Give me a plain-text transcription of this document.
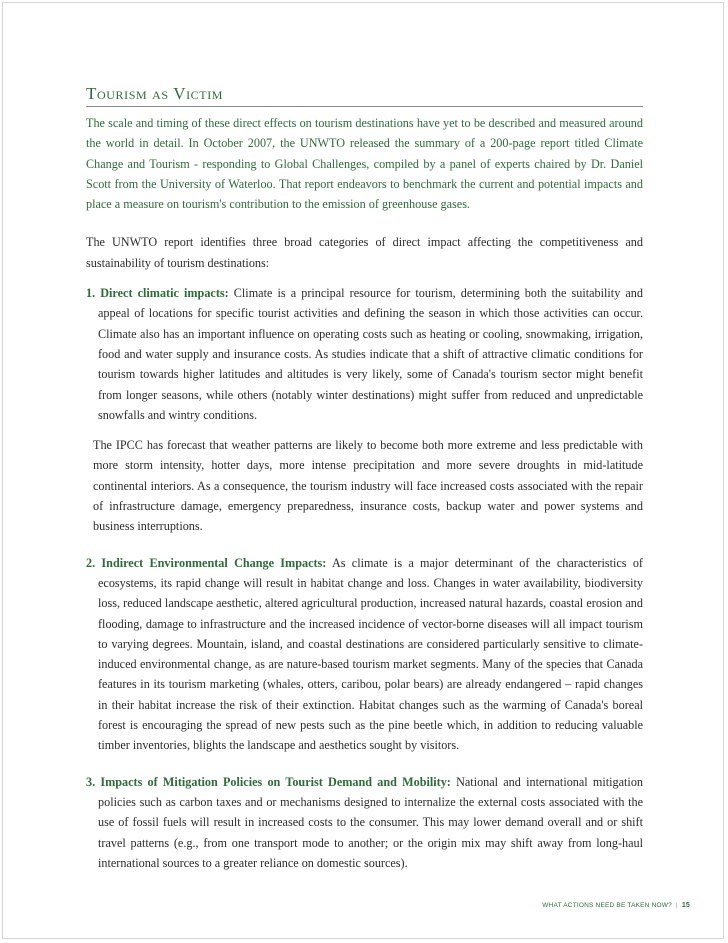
Tourism as Victim

The scale and timing of these direct effects on tourism destinations have yet to be described and measured around the world in detail. In October 2007, the UNWTO released the summary of a 200-page report titled Climate Change and Tourism - responding to Global Challenges, compiled by a panel of experts chaired by Dr. Daniel Scott from the University of Waterloo. That report endeavors to benchmark the current and potential impacts and place a measure on tourism's contribution to the emission of greenhouse gases.

The UNWTO report identifies three broad categories of direct impact affecting the competitiveness and sustainability of tourism destinations:

1. Direct climatic impacts: Climate is a principal resource for tourism, determining both the suitability and appeal of locations for specific tourist activities and defining the season in which those activities can occur. Climate also has an important influence on operating costs such as heating or cooling, snowmaking, irrigation, food and water supply and insurance costs. As studies indicate that a shift of attractive climatic conditions for tourism towards higher latitudes and altitudes is very likely, some of Canada's tourism sector might benefit from longer seasons, while others (notably winter destinations) might suffer from reduced and unpredictable snowfalls and wintry conditions.

The IPCC has forecast that weather patterns are likely to become both more extreme and less predictable with more storm intensity, hotter days, more intense precipitation and more severe droughts in mid-latitude continental interiors. As a consequence, the tourism industry will face increased costs associated with the repair of infrastructure damage, emergency preparedness, insurance costs, backup water and power systems and business interruptions.

2. Indirect Environmental Change Impacts: As climate is a major determinant of the characteristics of ecosystems, its rapid change will result in habitat change and loss. Changes in water availability, biodiversity loss, reduced landscape aesthetic, altered agricultural production, increased natural hazards, coastal erosion and flooding, damage to infrastructure and the increased incidence of vector-borne diseases will all impact tourism to varying degrees. Mountain, island, and coastal destinations are considered particularly sensitive to climate-induced environmental change, as are nature-based tourism market segments. Many of the species that Canada features in its tourism marketing (whales, otters, caribou, polar bears) are already endangered – rapid changes in their habitat increase the risk of their extinction. Habitat changes such as the warming of Canada's boreal forest is encouraging the spread of new pests such as the pine beetle which, in addition to reducing valuable timber inventories, blights the landscape and aesthetics sought by visitors.

3. Impacts of Mitigation Policies on Tourist Demand and Mobility: National and international mitigation policies such as carbon taxes and or mechanisms designed to internalize the external costs associated with the use of fossil fuels will result in increased costs to the consumer. This may lower demand overall and or shift travel patterns (e.g., from one transport mode to another; or the origin mix may shift away from long-haul international sources to a greater reliance on domestic sources).

WHAT ACTIONS NEED BE TAKEN NOW? | 15
